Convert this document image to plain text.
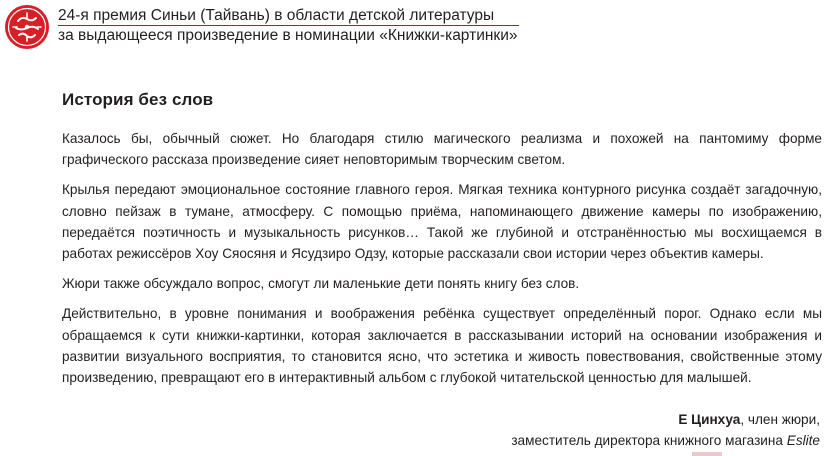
24-я премия Синьи (Тайвань) в области детской литературы
за выдающееся произведение в номинации «Книжки-картинки»
История без слов

Казалось бы, обычный сюжет. Но благодаря стилю магического реализма и похожей на пантомиму форме графического рассказа произведение сияет неповторимым творческим светом.

Крылья передают эмоциональное состояние главного героя. Мягкая техника контурного рисунка создаёт загадочную, словно пейзаж в тумане, атмосферу. С помощью приёма, напоминающего движение камеры по изображению, передаётся поэтичность и музыкальность рисунков… Такой же глубиной и отстранённостью мы восхищаемся в работах режиссёров Хоу Сяосяня и Ясудзиро Одзу, которые рассказали свои истории через объектив камеры.

Жюри также обсуждало вопрос, смогут ли маленькие дети понять книгу без слов.

Действительно, в уровне понимания и воображения ребёнка существует определённый порог. Однако если мы обращаемся к сути книжки-картинки, которая заключается в рассказывании историй на основании изображения и развитии визуального восприятия, то становится ясно, что эстетика и живость повествования, свойственные этому произведению, превращают его в интерактивный альбом с глубокой читательской ценностью для малышей.

Е Цинхуа, член жюри,
заместитель директора книжного магазина Eslite
